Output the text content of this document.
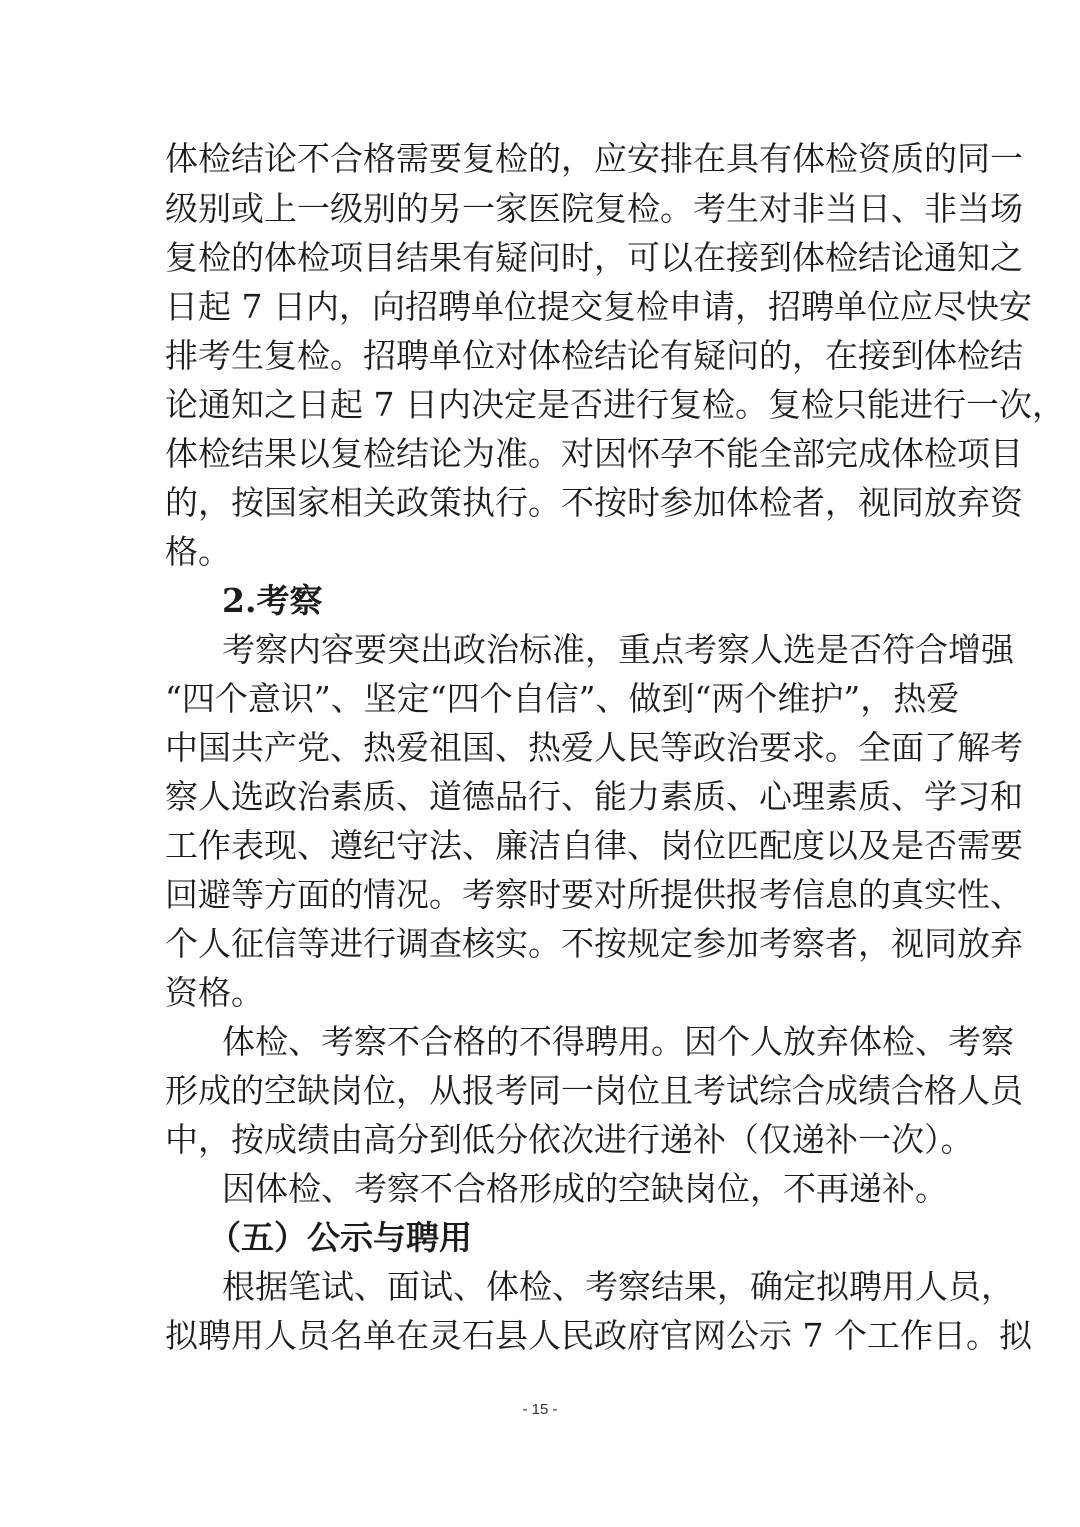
体检结论不合格需要复检的，应安排在具有体检资质的同一
级别或上一级别的另一家医院复检。考生对非当日、非当场
复检的体检项目结果有疑问时，可以在接到体检结论通知之
日起 7 日内，向招聘单位提交复检申请，招聘单位应尽快安
排考生复检。招聘单位对体检结论有疑问的，在接到体检结
论通知之日起 7 日内决定是否进行复检。复检只能进行一次，
体检结果以复检结论为准。对因怀孕不能全部完成体检项目
的，按国家相关政策执行。不按时参加体检者，视同放弃资
格。
2.考察
考察内容要突出政治标准，重点考察人选是否符合增强
“四个意识”、坚定“四个自信”、做到“两个维护”，热爱
中国共产党、热爱祖国、热爱人民等政治要求。全面了解考
察人选政治素质、道德品行、能力素质、心理素质、学习和
工作表现、遵纪守法、廉洁自律、岗位匹配度以及是否需要
回避等方面的情况。考察时要对所提供报考信息的真实性、
个人征信等进行调查核实。不按规定参加考察者，视同放弃
资格。
体检、考察不合格的不得聘用。因个人放弃体检、考察
形成的空缺岗位，从报考同一岗位且考试综合成绩合格人员
中，按成绩由高分到低分依次进行递补（仅递补一次）。
因体检、考察不合格形成的空缺岗位，不再递补。
（五）公示与聘用
根据笔试、面试、体检、考察结果，确定拟聘用人员，
拟聘用人员名单在灵石县人民政府官网公示 7 个工作日。拟
- 15 -
